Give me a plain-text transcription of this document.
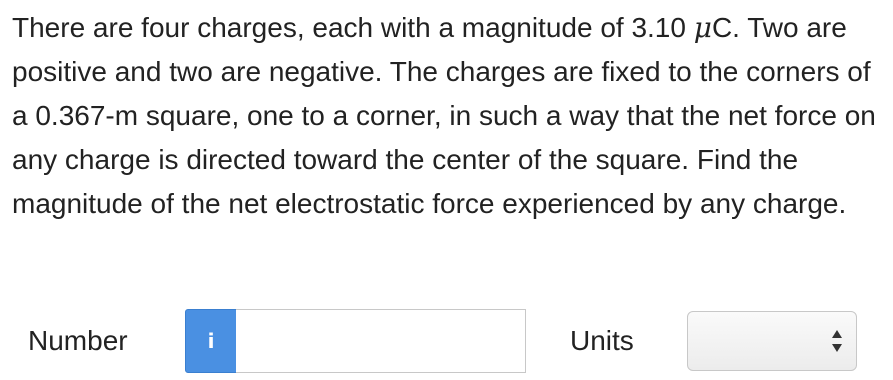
There are four charges, each with a magnitude of 3.10 μC. Two are positive and two are negative. The charges are fixed to the corners of a 0.367-m square, one to a corner, in such a way that the net force on any charge is directed toward the center of the square. Find the magnitude of the net electrostatic force experienced by any charge.

Number	i	Units
